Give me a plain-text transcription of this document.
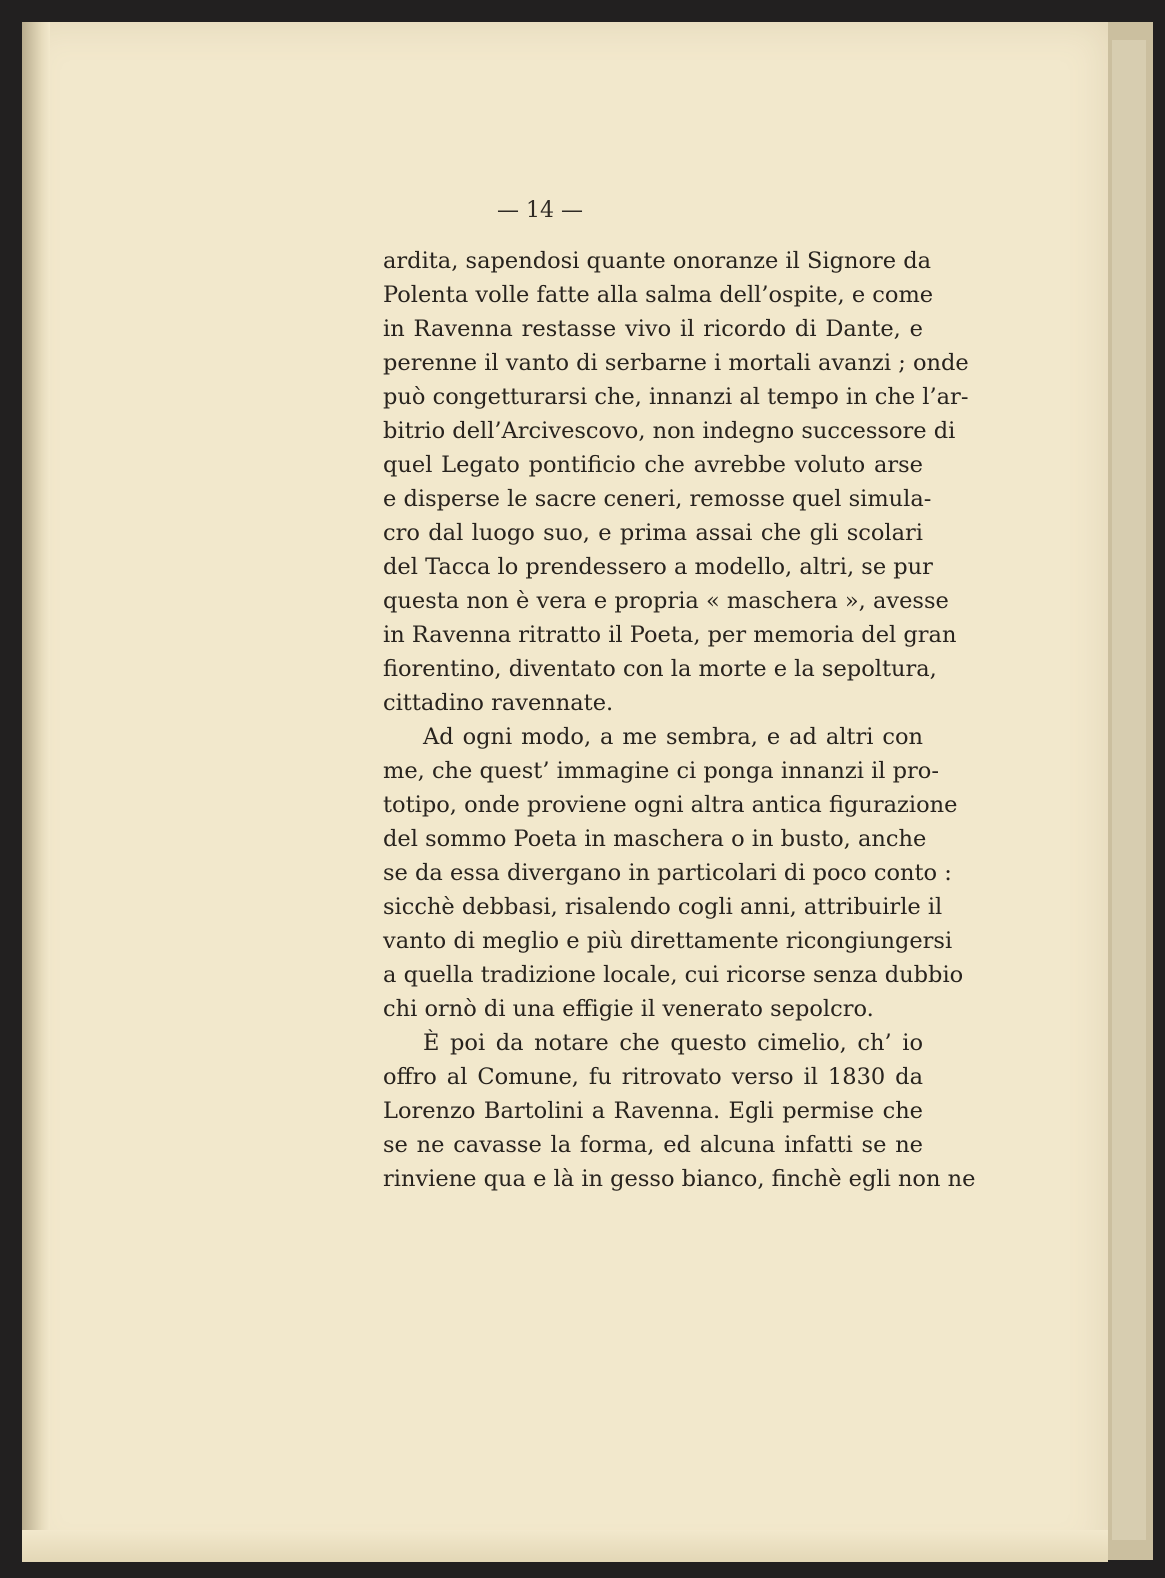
— 14 —
ardita, sapendosi quante onoranze il Signore da
Polenta volle fatte alla salma dell’ospite, e come
in Ravenna restasse vivo il ricordo di Dante, e
perenne il vanto di serbarne i mortali avanzi ; onde
può congetturarsi che, innanzi al tempo in che l’ar-
bitrio dell’Arcivescovo, non indegno successore di
quel Legato pontificio che avrebbe voluto arse
e disperse le sacre ceneri, remosse quel simula-
cro dal luogo suo, e prima assai che gli scolari
del Tacca lo prendessero a modello, altri, se pur
questa non è vera e propria « maschera », avesse
in Ravenna ritratto il Poeta, per memoria del gran
fiorentino, diventato con la morte e la sepoltura,
cittadino ravennate.
Ad ogni modo, a me sembra, e ad altri con
me, che quest’ immagine ci ponga innanzi il pro-
totipo, onde proviene ogni altra antica figurazione
del sommo Poeta in maschera o in busto, anche
se da essa divergano in particolari di poco conto :
sicchè debbasi, risalendo cogli anni, attribuirle il
vanto di meglio e più direttamente ricongiungersi
a quella tradizione locale, cui ricorse senza dubbio
chi ornò di una effigie il venerato sepolcro.
È poi da notare che questo cimelio, ch’ io
offro al Comune, fu ritrovato verso il 1830 da
Lorenzo Bartolini a Ravenna. Egli permise che
se ne cavasse la forma, ed alcuna infatti se ne
rinviene qua e là in gesso bianco, finchè egli non ne
